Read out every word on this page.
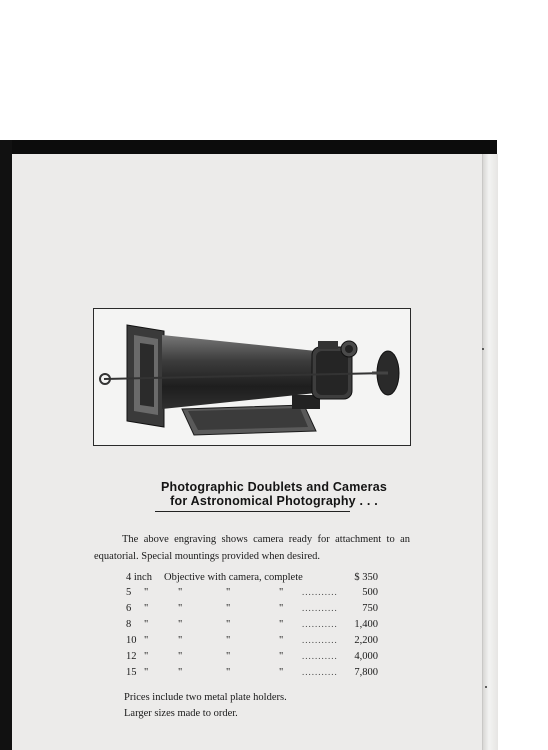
Photographic Doublets and Cameras
for Astronomical Photography . . .
The above engraving shows camera ready for attachment to an equatorial. Special mountings provided when desired.
4 inch Objective with camera, complete	$ 350
5 "	"	"	" ........... 500
6 "	"	"	" ........... 750
8 "	"	"	" ........... 1,400
10 "	"	"	" ........... 2,200
12 "	"	"	" ........... 4,000
15 "	"	"	" ........... 7,800
Prices include two metal plate holders.
Larger sizes made to order.
